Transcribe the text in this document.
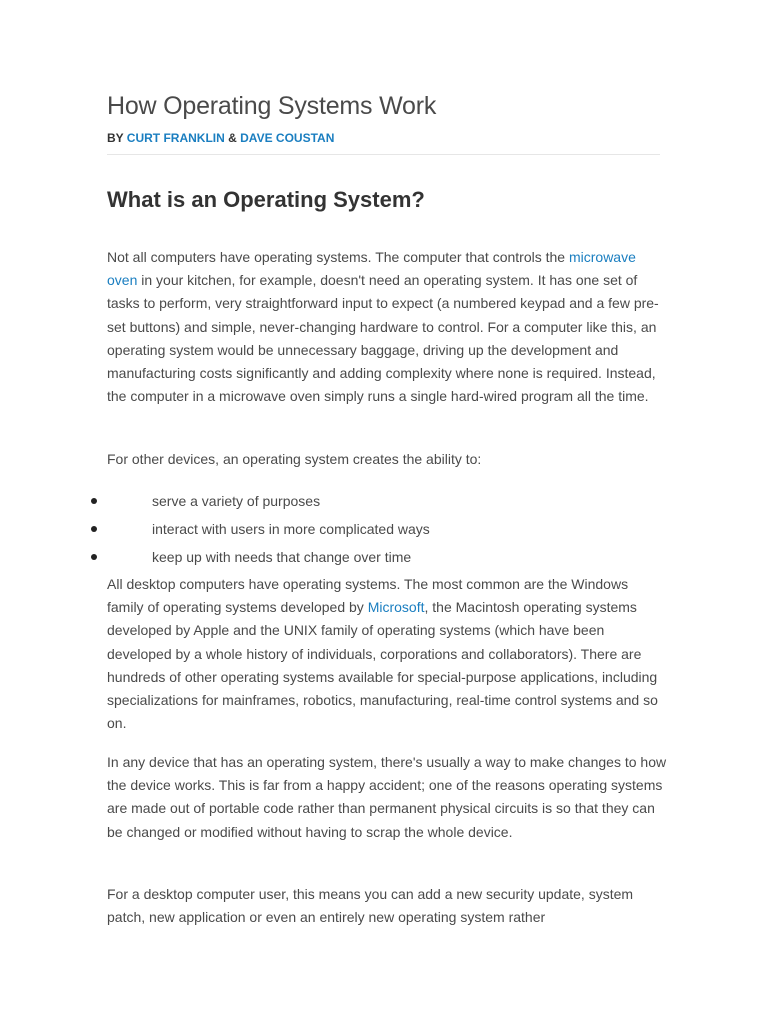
How Operating Systems Work
BY CURT FRANKLIN & DAVE COUSTAN
What is an Operating System?

Not all computers have operating systems. The computer that controls the microwave oven in your kitchen, for example, doesn't need an operating system. It has one set of tasks to perform, very straightforward input to expect (a numbered keypad and a few pre-set buttons) and simple, never-changing hardware to control. For a computer like this, an operating system would be unnecessary baggage, driving up the development and manufacturing costs significantly and adding complexity where none is required. Instead, the computer in a microwave oven simply runs a single hard-wired program all the time.

For other devices, an operating system creates the ability to:

All desktop computers have operating systems. The most common are the Windows family of operating systems developed by Microsoft, the Macintosh operating systems developed by Apple and the UNIX family of operating systems (which have been developed by a whole history of individuals, corporations and collaborators). There are hundreds of other operating systems available for special-purpose applications, including specializations for mainframes, robotics, manufacturing, real-time control systems and so on.

In any device that has an operating system, there's usually a way to make changes to how the device works. This is far from a happy accident; one of the reasons operating systems are made out of portable code rather than permanent physical circuits is so that they can be changed or modified without having to scrap the whole device.

For a desktop computer user, this means you can add a new security update, system patch, new application or even an entirely new operating system rather

serve a variety of purposes
interact with users in more complicated ways
keep up with needs that change over time
